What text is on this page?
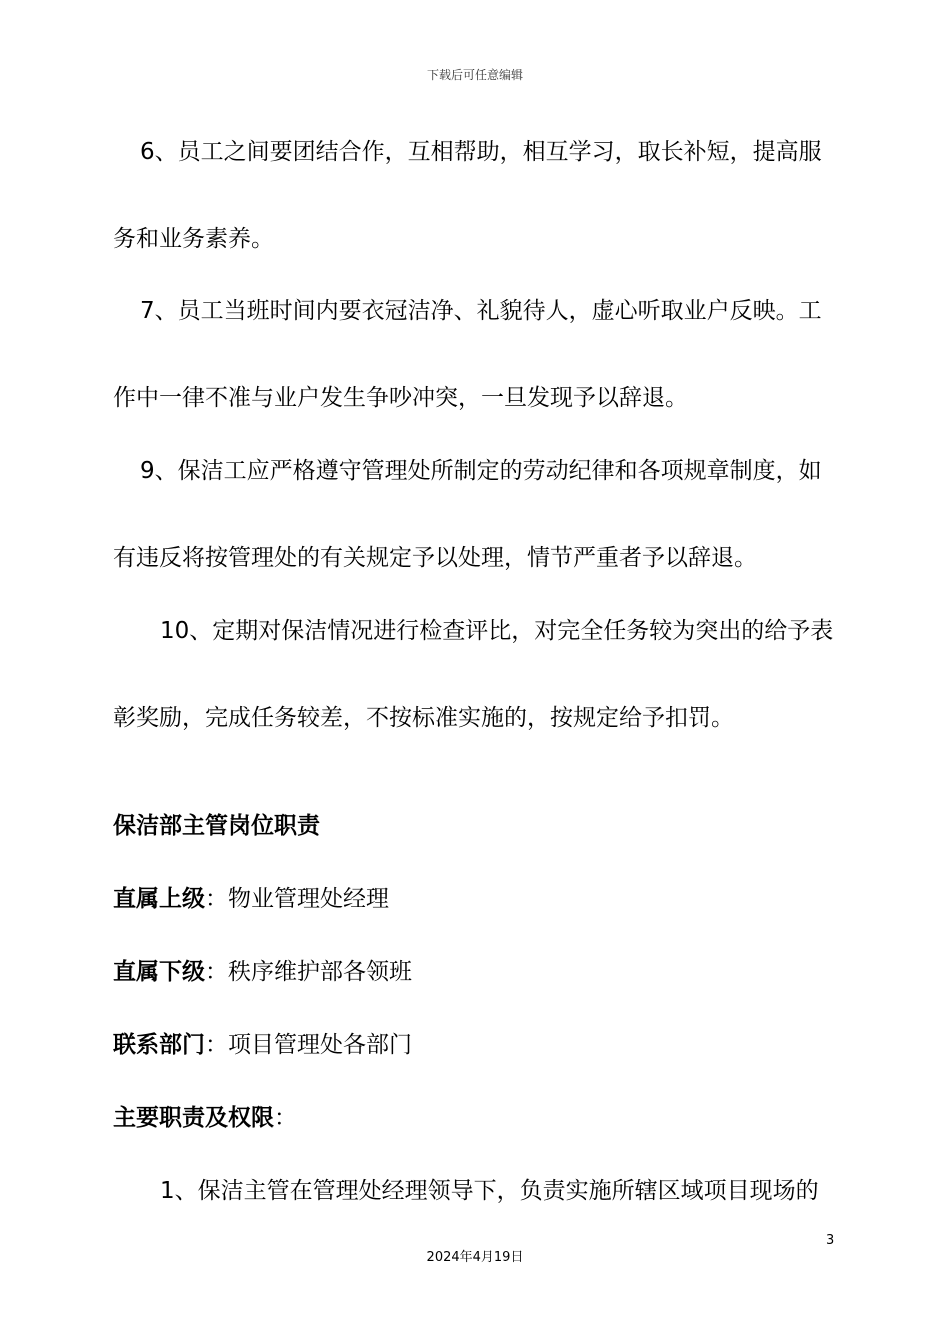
下载后可任意编辑
6、员工之间要团结合作，互相帮助，相互学习，取长补短，提高服
务和业务素养。
7、员工当班时间内要衣冠洁净、礼貌待人，虚心听取业户反映。工
作中一律不准与业户发生争吵冲突，一旦发现予以辞退。
9、保洁工应严格遵守管理处所制定的劳动纪律和各项规章制度，如
有违反将按管理处的有关规定予以处理，情节严重者予以辞退。
10、定期对保洁情况进行检查评比，对完全任务较为突出的给予表
彰奖励，完成任务较差，不按标准实施的，按规定给予扣罚。
保洁部主管岗位职责
直属上级：物业管理处经理
直属下级：秩序维护部各领班
联系部门：项目管理处各部门
主要职责及权限：
1、保洁主管在管理处经理领导下，负责实施所辖区域项目现场的
3
2024年4月19日
